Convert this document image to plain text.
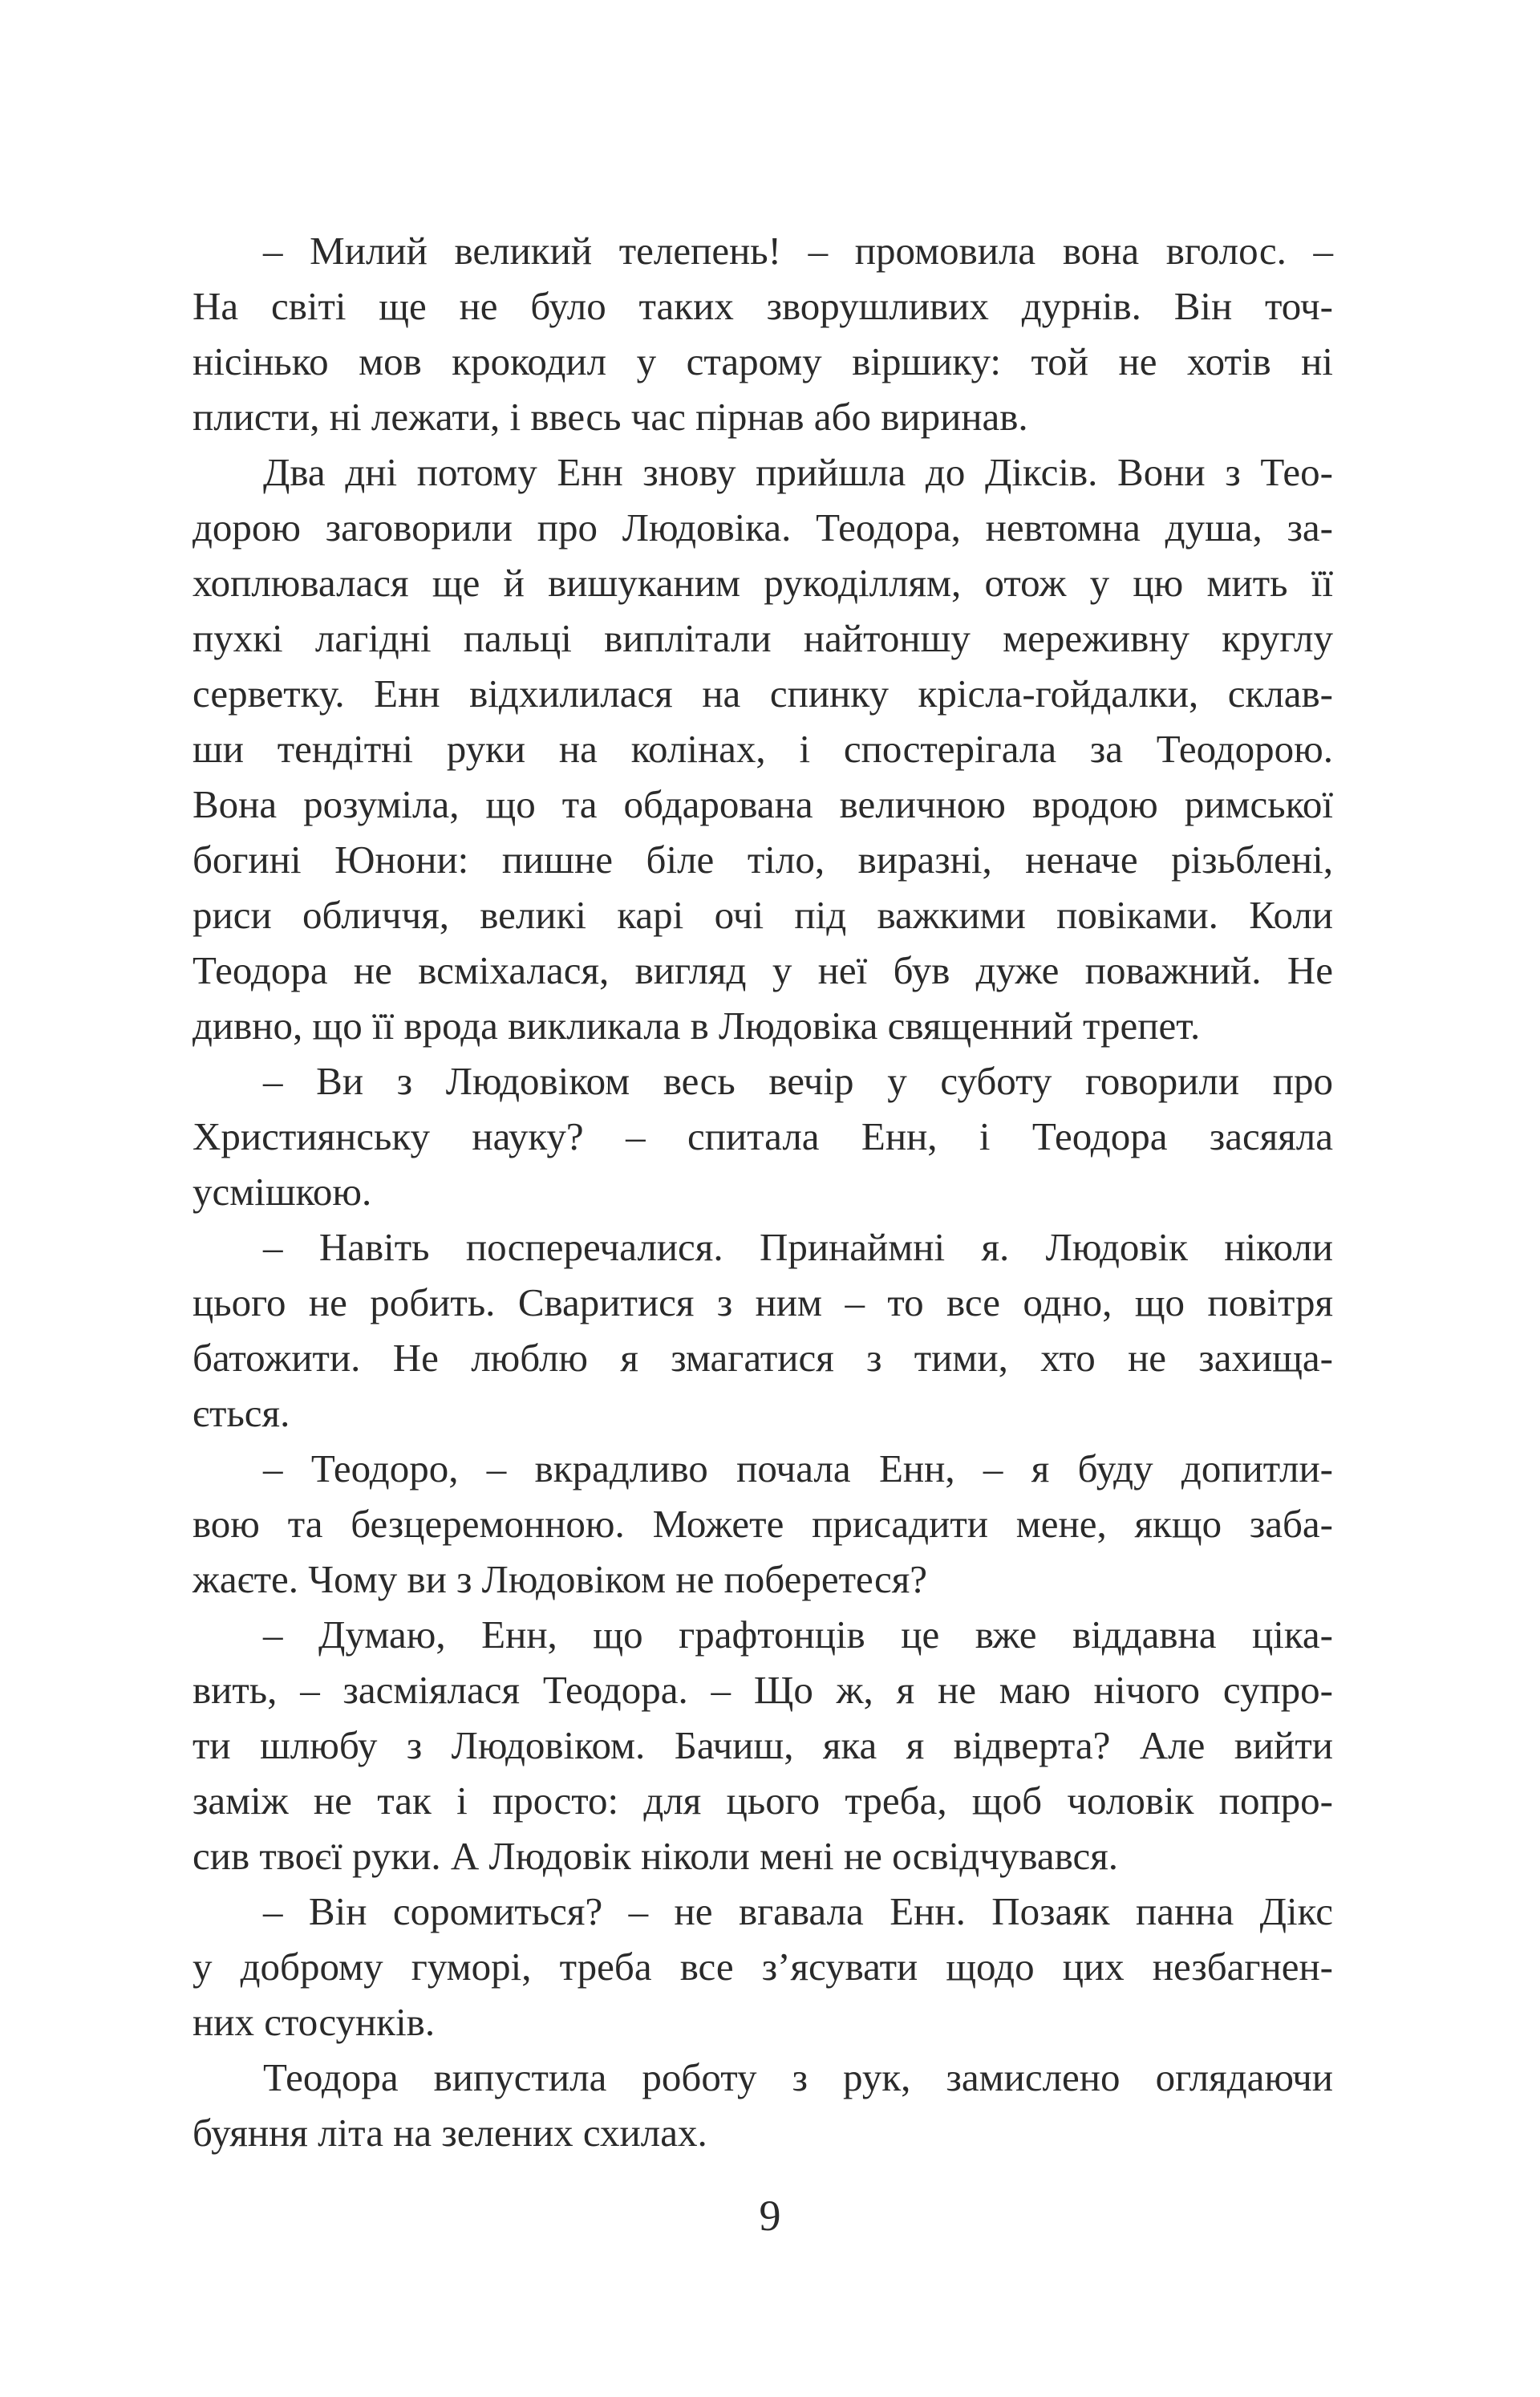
– Милий великий телепень! – промовила вона вголос. –
На світі ще не було таких зворушливих дурнів. Він точ-
нісінько мов крокодил у старому віршику: той не хотів ні
плисти, ні лежати, і ввесь час пірнав або виринав.
Два дні потому Енн знову прийшла до Діксів. Вони з Тео-
дорою заговорили про Людовіка. Теодора, невтомна душа, за-
хоплювалася ще й вишуканим рукоділлям, отож у цю мить її
пухкі лагідні пальці виплітали найтоншу мереживну круглу
серветку. Енн відхилилася на спинку крісла-гойдалки, склав-
ши тендітні руки на колінах, і спостерігала за Теодорою.
Вона розуміла, що та обдарована величною вродою римської
богині Юнони: пишне біле тіло, виразні, неначе різьблені,
риси обличчя, великі карі очі під важкими повіками. Коли
Теодора не всміхалася, вигляд у неї був дуже поважний. Не
дивно, що її врода викликала в Людовіка священний трепет.
– Ви з Людовіком весь вечір у суботу говорили про
Християнську науку? – спитала Енн, і Теодора засяяла
усмішкою.
– Навіть посперечалися. Принаймні я. Людовік ніколи
цього не робить. Сваритися з ним – то все одно, що повітря
батожити. Не люблю я змагатися з тими, хто не захища-
ється.
– Теодоро, – вкрадливо почала Енн, – я буду допитли-
вою та безцеремонною. Можете присадити мене, якщо заба-
жаєте. Чому ви з Людовіком не поберетеся?
– Думаю, Енн, що графтонців це вже віддавна ціка-
вить, – засміялася Теодора. – Що ж, я не маю нічого супро-
ти шлюбу з Людовіком. Бачиш, яка я відверта? Але вийти
заміж не так і просто: для цього треба, щоб чоловік попро-
сив твоєї руки. А Людовік ніколи мені не освідчувався.
– Він соромиться? – не вгавала Енн. Позаяк панна Дікс
у доброму гуморі, треба все з’ясувати щодо цих незбагнен-
них стосунків.
Теодора випустила роботу з рук, замислено оглядаючи
буяння літа на зелених схилах.
9
